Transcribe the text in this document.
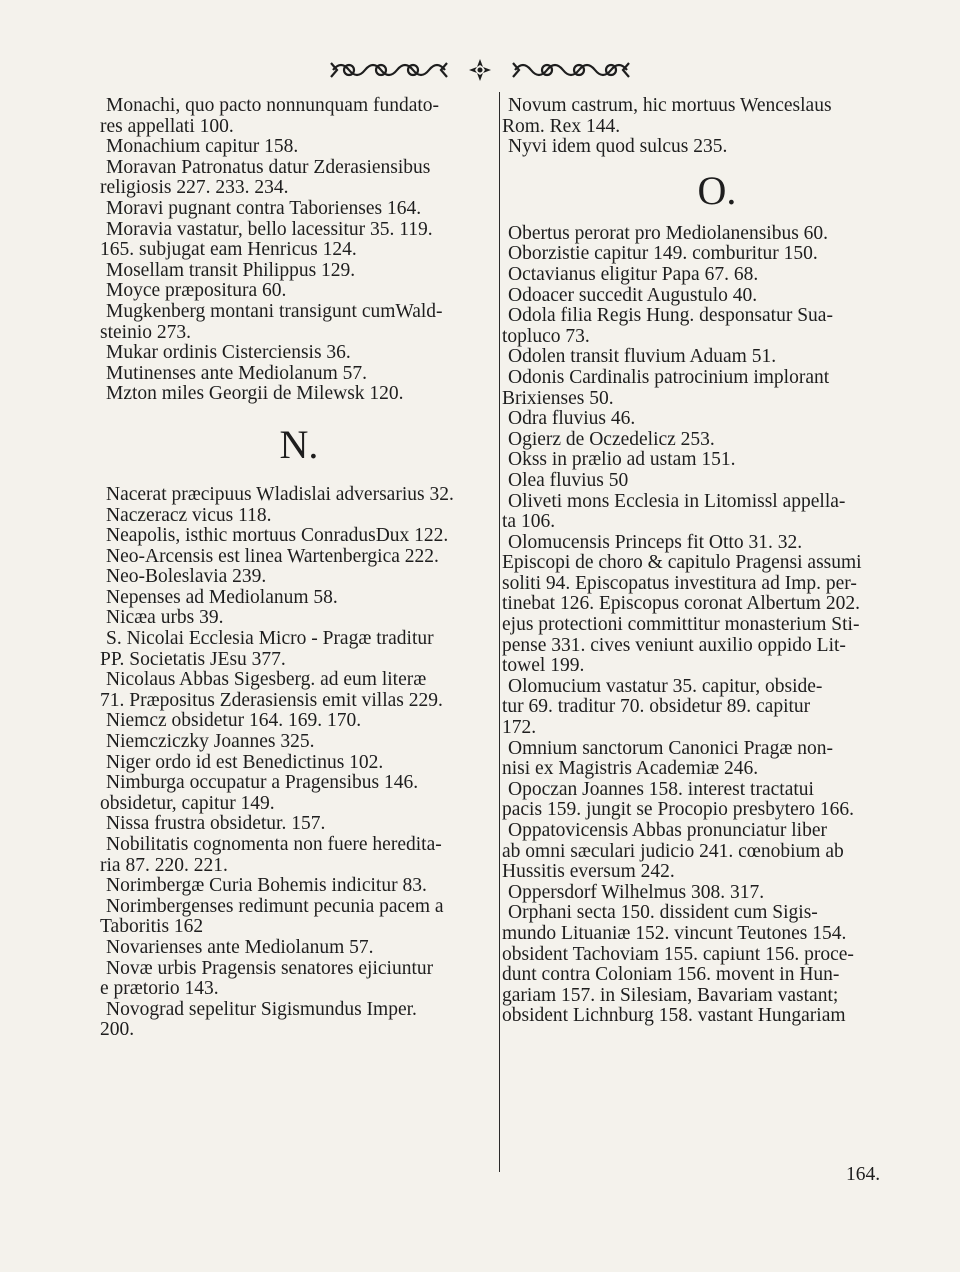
Monachi, quo pacto nonnunquam fundato-
res appellati 100.
Monachium capitur 158.
Moravan Patronatus datur Zderasiensibus
religiosis 227. 233. 234.
Moravi pugnant contra Taborienses 164.
Moravia vastatur, bello lacessitur 35. 119.
165. subjugat eam Henricus 124.
Mosellam transit Philippus 129.
Moyce præpositura 60.
Mugkenberg montani transigunt cumWald-
steinio 273.
Mukar ordinis Cisterciensis 36.
Mutinenses ante Mediolanum 57.
Mzton miles Georgii de Milewsk 120.
N.
Nacerat præcipuus Wladislai adversarius 32.
Naczeracz vicus 118.
Neapolis, isthic mortuus ConradusDux 122.
Neo-Arcensis est linea Wartenbergica 222.
Neo-Boleslavia 239.
Nepenses ad Mediolanum 58.
Nicæa urbs 39.
S. Nicolai Ecclesia Micro - Pragæ traditur
PP. Societatis JEsu 377.
Nicolaus Abbas Sigesberg. ad eum literæ
71. Præpositus Zderasiensis emit villas 229.
Niemcz obsidetur 164. 169. 170.
Niemcziczky Joannes 325.
Niger ordo id est Benedictinus 102.
Nimburga occupatur a Pragensibus 146.
obsidetur, capitur 149.
Nissa frustra obsidetur. 157.
Nobilitatis cognomenta non fuere heredita-
ria 87. 220. 221.
Norimbergæ Curia Bohemis indicitur 83.
Norimbergenses redimunt pecunia pacem a
Taboritis 162
Novarienses ante Mediolanum 57.
Novæ urbis Pragensis senatores ejiciuntur
e prætorio 143.
Novograd sepelitur Sigismundus Imper.
200.
Novum castrum, hic mortuus Wenceslaus
Rom. Rex 144.
Nyvi idem quod sulcus 235.
O.
Obertus perorat pro Mediolanensibus 60.
Oborzistie capitur 149. comburitur 150.
Octavianus eligitur Papa 67. 68.
Odoacer succedit Augustulo 40.
Odola filia Regis Hung. desponsatur Sua-
topluco 73.
Odolen transit fluvium Aduam 51.
Odonis Cardinalis patrocinium implorant
Brixienses 50.
Odra fluvius 46.
Ogierz de Oczedelicz 253.
Okss in prælio ad ustam 151.
Olea fluvius 50
Oliveti mons Ecclesia in Litomissl appella-
ta 106.
Olomucensis Princeps fit Otto 31. 32.
Episcopi de choro & capitulo Pragensi assumi
soliti 94. Episcopatus investitura ad Imp. per-
tinebat 126. Episcopus coronat Albertum 202.
ejus protectioni committitur monasterium Sti-
pense 331. cives veniunt auxilio oppido Lit-
towel 199.
Olomucium vastatur 35. capitur, obside-
tur 69. traditur 70. obsidetur 89. capitur
172.
Omnium sanctorum Canonici Pragæ non-
nisi ex Magistris Academiæ 246.
Opoczan Joannes 158. interest tractatui
pacis 159. jungit se Procopio presbytero 166.
Oppatovicensis Abbas pronunciatur liber
ab omni sæculari judicio 241. cœnobium ab
Hussitis eversum 242.
Oppersdorf Wilhelmus 308. 317.
Orphani secta 150. dissident cum Sigis-
mundo Lituaniæ 152. vincunt Teutones 154.
obsident Tachoviam 155. capiunt 156. proce-
dunt contra Coloniam 156. movent in Hun-
gariam 157. in Silesiam, Bavariam vastant;
obsident Lichnburg 158. vastant Hungariam
164.
